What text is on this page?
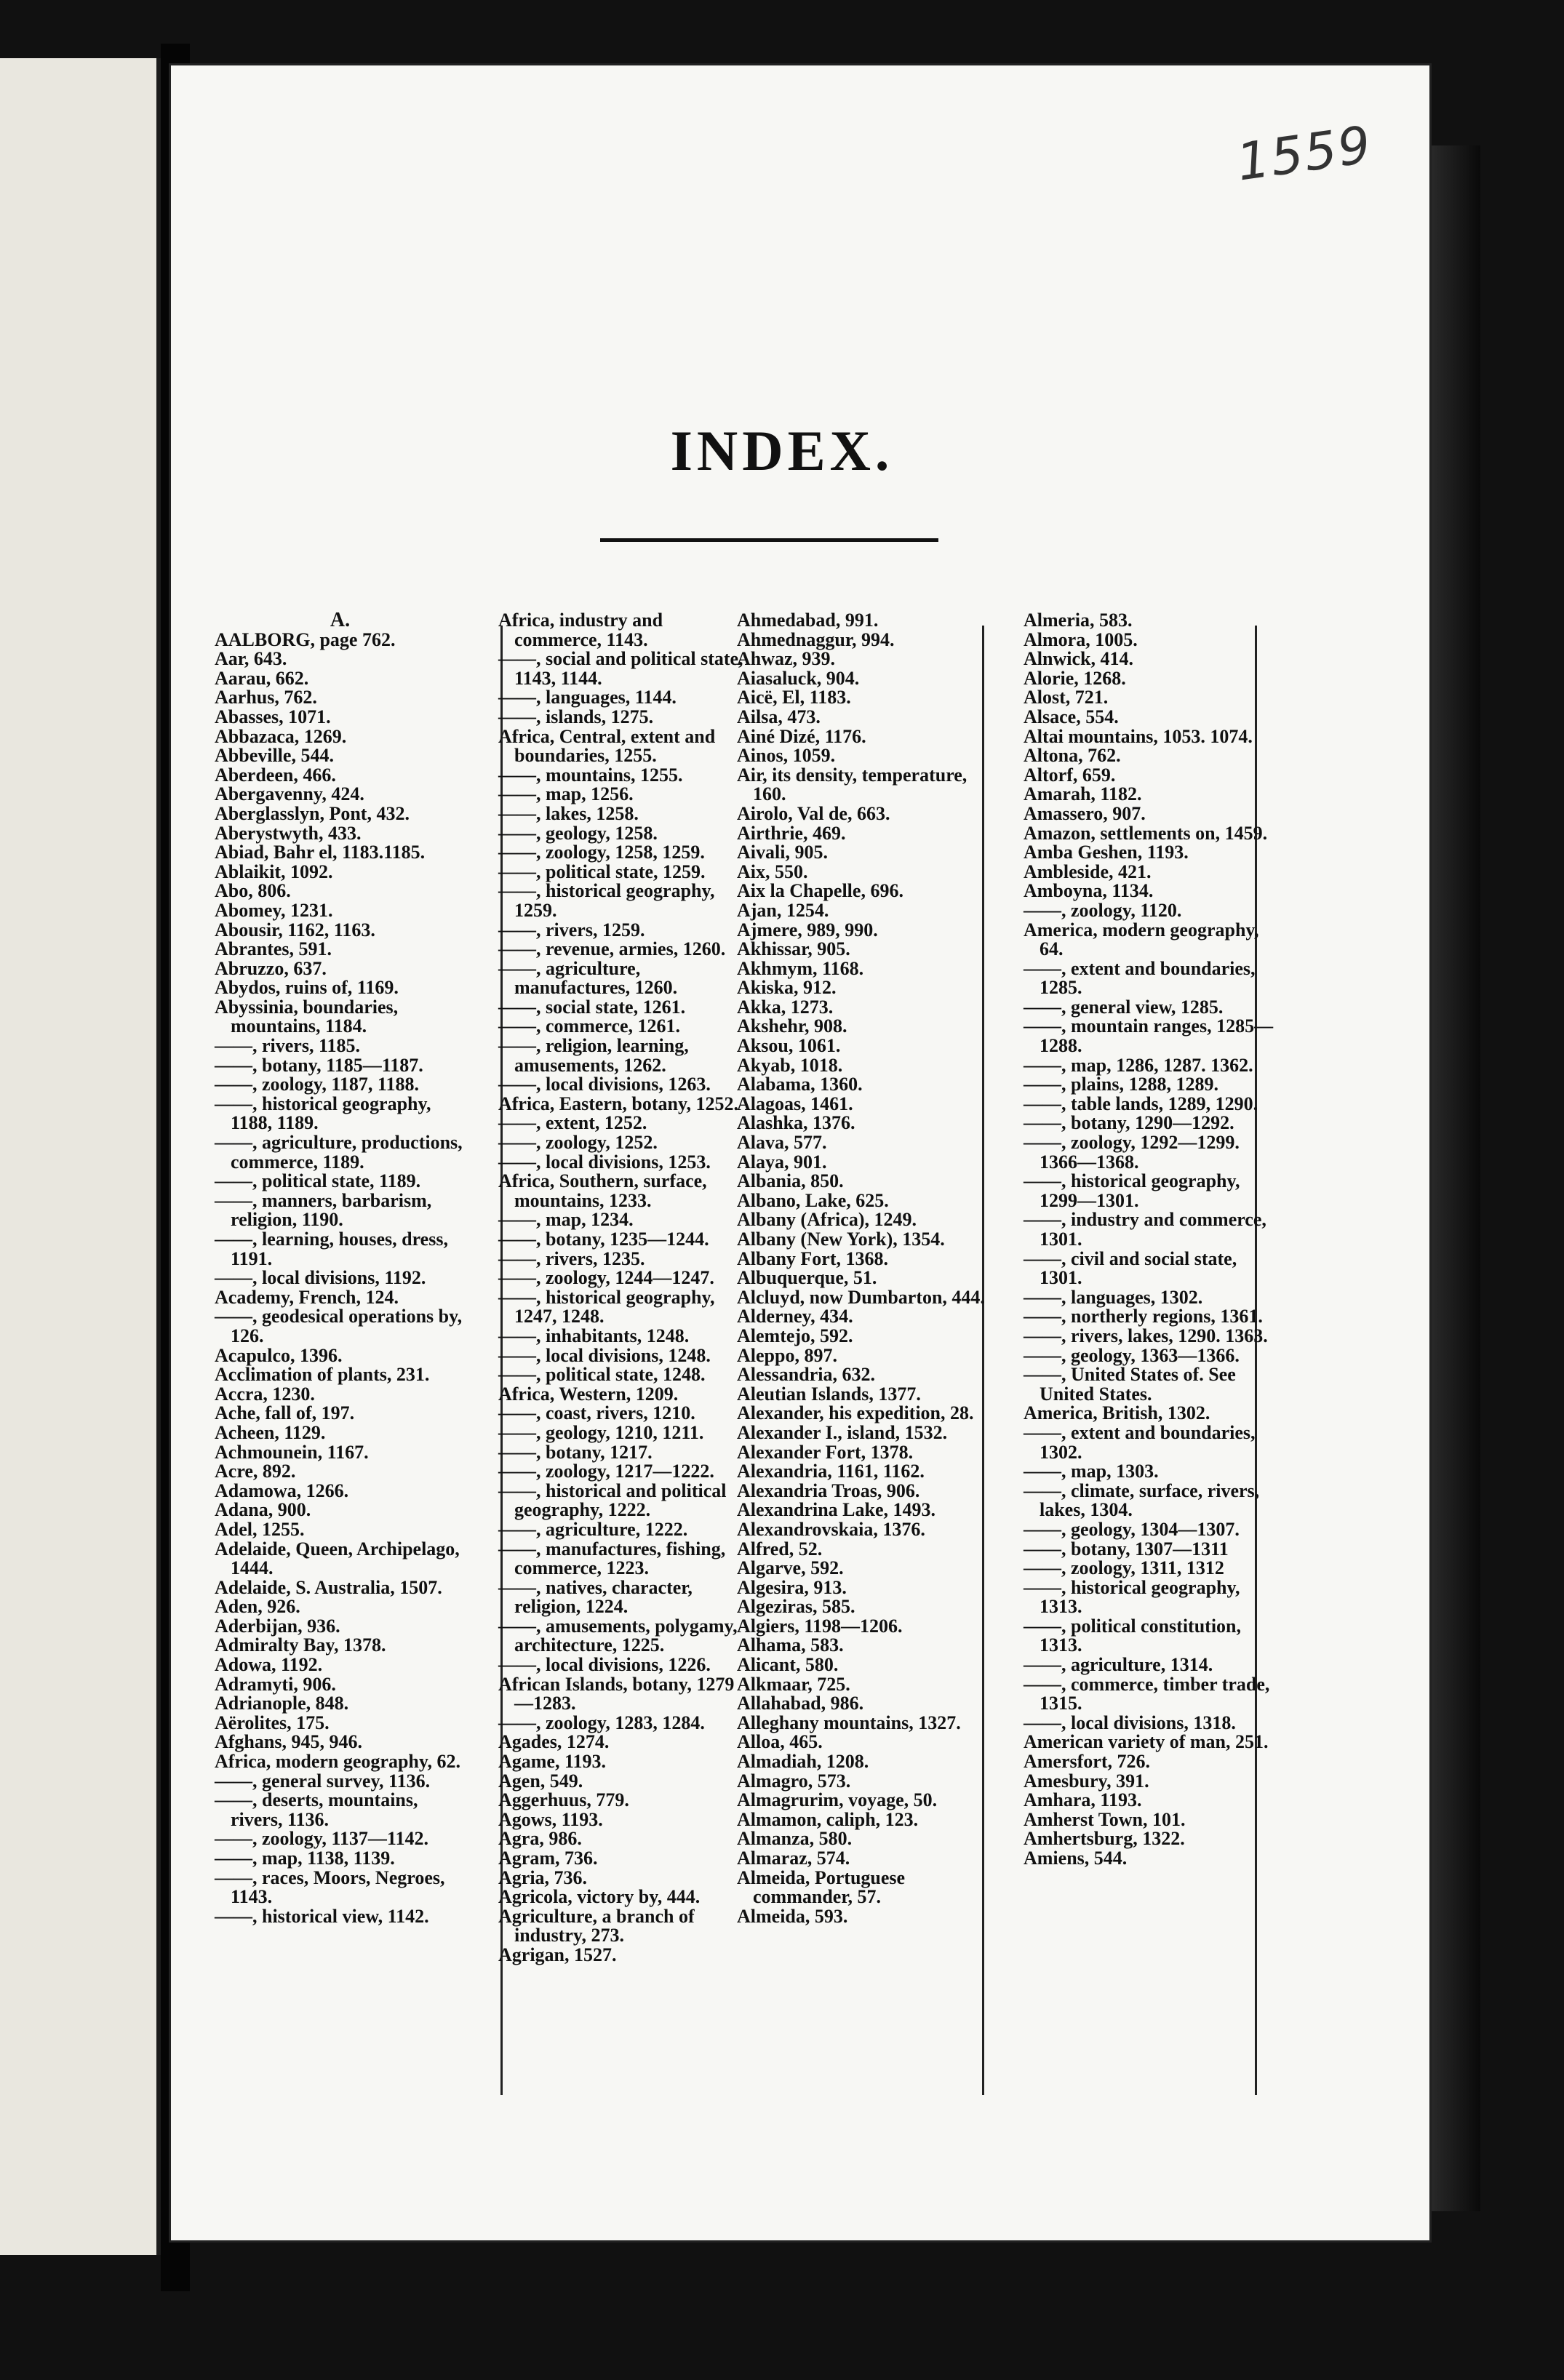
1559
INDEX.
A.
AALBORG, page 762.
Aar, 643.
Aarau, 662.
Aarhus, 762.
Abasses, 1071.
Abbazaca, 1269.
Abbeville, 544.
Aberdeen, 466.
Abergavenny, 424.
Aberglasslyn, Pont, 432.
Aberystwyth, 433.
Abiad, Bahr el, 1183.1185.
Ablaikit, 1092.
Abo, 806.
Abomey, 1231.
Abousir, 1162, 1163.
Abrantes, 591.
Abruzzo, 637.
Abydos, ruins of, 1169.
Abyssinia, boundaries, mountains, 1184.
——, rivers, 1185.
——, botany, 1185—1187.
——, zoology, 1187, 1188.
——, historical geography, 1188, 1189.
——, agriculture, productions, commerce, 1189.
——, political state, 1189.
——, manners, barbarism, religion, 1190.
——, learning, houses, dress, 1191.
——, local divisions, 1192.
Academy, French, 124.
——, geodesical operations by, 126.
Acapulco, 1396.
Acclimation of plants, 231.
Accra, 1230.
Ache, fall of, 197.
Acheen, 1129.
Achmounein, 1167.
Acre, 892.
Adamowa, 1266.
Adana, 900.
Adel, 1255.
Adelaide, Queen, Archipelago, 1444.
Adelaide, S. Australia, 1507.
Aden, 926.
Aderbijan, 936.
Admiralty Bay, 1378.
Adowa, 1192.
Adramyti, 906.
Adrianople, 848.
Aërolites, 175.
Afghans, 945, 946.
Africa, modern geography, 62.
——, general survey, 1136.
——, deserts, mountains, rivers, 1136.
——, zoology, 1137—1142.
——, map, 1138, 1139.
——, races, Moors, Negroes, 1143.
——, historical view, 1142.
Africa, industry and commerce, 1143.
——, social and political state, 1143, 1144.
——, languages, 1144.
——, islands, 1275.
Africa, Central, extent and boundaries, 1255.
——, mountains, 1255.
——, map, 1256.
——, lakes, 1258.
——, geology, 1258.
——, zoology, 1258, 1259.
——, political state, 1259.
——, historical geography, 1259.
——, rivers, 1259.
——, revenue, armies, 1260.
——, agriculture, manufactures, 1260.
——, social state, 1261.
——, commerce, 1261.
——, religion, learning, amusements, 1262.
——, local divisions, 1263.
Africa, Eastern, botany, 1252.
——, extent, 1252.
——, zoology, 1252.
——, local divisions, 1253.
Africa, Southern, surface, mountains, 1233.
——, map, 1234.
——, botany, 1235—1244.
——, rivers, 1235.
——, zoology, 1244—1247.
——, historical geography, 1247, 1248.
——, inhabitants, 1248.
——, local divisions, 1248.
——, political state, 1248.
Africa, Western, 1209.
——, coast, rivers, 1210.
——, geology, 1210, 1211.
——, botany, 1217.
——, zoology, 1217—1222.
——, historical and political geography, 1222.
——, agriculture, 1222.
——, manufactures, fishing, commerce, 1223.
——, natives, character, religion, 1224.
——, amusements, polygamy, architecture, 1225.
——, local divisions, 1226.
African Islands, botany, 1279—1283.
——, zoology, 1283, 1284.
Agades, 1274.
Agame, 1193.
Agen, 549.
Aggerhuus, 779.
Agows, 1193.
Agra, 986.
Agram, 736.
Agria, 736.
Agricola, victory by, 444.
Agriculture, a branch of industry, 273.
Agrigan, 1527.
Ahmedabad, 991.
Ahmednaggur, 994.
Ahwaz, 939.
Aiasaluck, 904.
Aicë, El, 1183.
Ailsa, 473.
Ainé Dizé, 1176.
Ainos, 1059.
Air, its density, temperature, 160.
Airolo, Val de, 663.
Airthrie, 469.
Aivali, 905.
Aix, 550.
Aix la Chapelle, 696.
Ajan, 1254.
Ajmere, 989, 990.
Akhissar, 905.
Akhmym, 1168.
Akiska, 912.
Akka, 1273.
Akshehr, 908.
Aksou, 1061.
Akyab, 1018.
Alabama, 1360.
Alagoas, 1461.
Alashka, 1376.
Alava, 577.
Alaya, 901.
Albania, 850.
Albano, Lake, 625.
Albany (Africa), 1249.
Albany (New York), 1354.
Albany Fort, 1368.
Albuquerque, 51.
Alcluyd, now Dumbarton, 444.
Alderney, 434.
Alemtejo, 592.
Aleppo, 897.
Alessandria, 632.
Aleutian Islands, 1377.
Alexander, his expedition, 28.
Alexander I., island, 1532.
Alexander Fort, 1378.
Alexandria, 1161, 1162.
Alexandria Troas, 906.
Alexandrina Lake, 1493.
Alexandrovskaia, 1376.
Alfred, 52.
Algarve, 592.
Algesira, 913.
Algeziras, 585.
Algiers, 1198—1206.
Alhama, 583.
Alicant, 580.
Alkmaar, 725.
Allahabad, 986.
Alleghany mountains, 1327.
Alloa, 465.
Almadiah, 1208.
Almagro, 573.
Almagrurim, voyage, 50.
Almamon, caliph, 123.
Almanza, 580.
Almaraz, 574.
Almeida, Portuguese commander, 57.
Almeida, 593.
Almeria, 583.
Almora, 1005.
Alnwick, 414.
Alorie, 1268.
Alost, 721.
Alsace, 554.
Altai mountains, 1053. 1074.
Altona, 762.
Altorf, 659.
Amarah, 1182.
Amassero, 907.
Amazon, settlements on, 1459.
Amba Geshen, 1193.
Ambleside, 421.
Amboyna, 1134.
——, zoology, 1120.
America, modern geography, 64.
——, extent and boundaries, 1285.
——, general view, 1285.
——, mountain ranges, 1285—1288.
——, map, 1286, 1287. 1362.
——, plains, 1288, 1289.
——, table lands, 1289, 1290.
——, botany, 1290—1292.
——, zoology, 1292—1299. 1366—1368.
——, historical geography, 1299—1301.
——, industry and commerce, 1301.
——, civil and social state, 1301.
——, languages, 1302.
——, northerly regions, 1361.
——, rivers, lakes, 1290. 1363.
——, geology, 1363—1366.
——, United States of. See United States.
America, British, 1302.
——, extent and boundaries, 1302.
——, map, 1303.
——, climate, surface, rivers, lakes, 1304.
——, geology, 1304—1307.
——, botany, 1307—1311
——, zoology, 1311, 1312
——, historical geography, 1313.
——, political constitution, 1313.
——, agriculture, 1314.
——, commerce, timber trade, 1315.
——, local divisions, 1318.
American variety of man, 251.
Amersfort, 726.
Amesbury, 391.
Amhara, 1193.
Amherst Town, 101.
Amhertsburg, 1322.
Amiens, 544.
